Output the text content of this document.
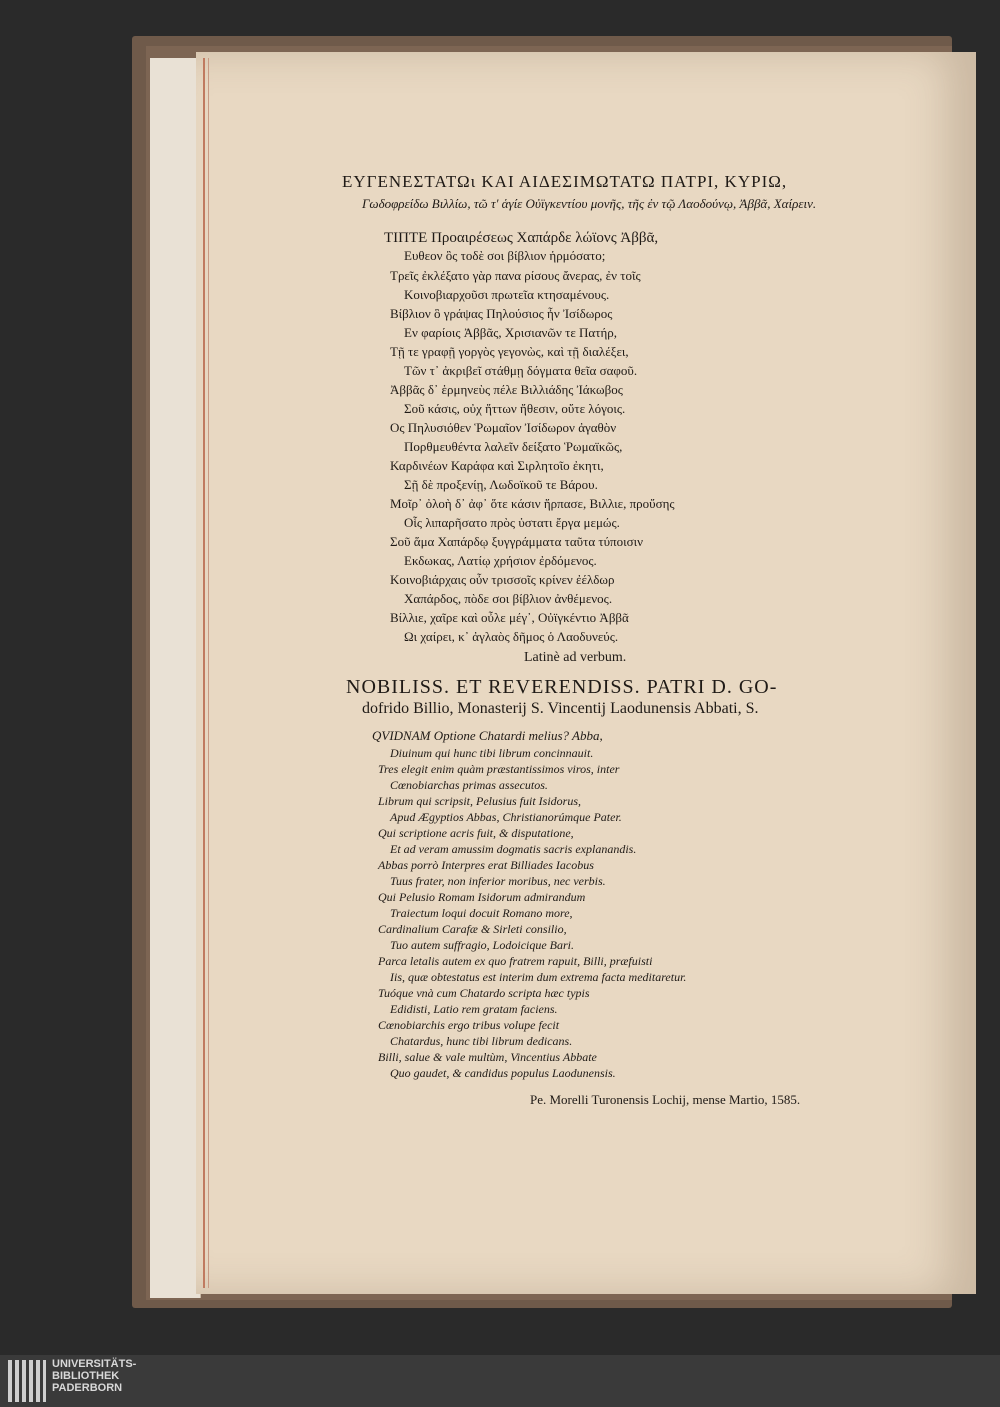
ΕΥΓΕΝΕΣΤΑΤΩι ΚΑΙ ΑΙΔΕΣΙΜΩΤΑΤΩ ΠΑΤΡΙ, ΚΥΡΙΩ,
Γωδοφρείδω Βιλλίω, τῶ τ' ἁγίε Οὐϊγκεντίου μονῆς, τῆς ἐν τῷ Λαοδούνῳ, Ἀββᾶ, Χαίρειν.
ΤΙΠΤΕ Προαιρέσεως Χαπάρδε λώϊονς Ἀββᾶ,
Ευθεον ὃς τοδὲ σοι βίβλιον ἡρμόσατο;
Τρεῖς ἐκλέξατο γὰρ πανα ρίσους ἄνερας, ἐν τοῖς
Κοινοβιαρχοῦσι πρωτεῖα κτησαμένους.
Βίβλιον ὃ γράψας Πηλούσιος ἦν Ἰσίδωρος
Εν φαρίοις Ἀββᾶς, Χρισιανῶν τε Πατήρ,
Τῇ τε γραφῇ γοργὸς γεγονὼς, καὶ τῇ διαλέξει,
Τῶν τ᾽ ἀκριβεῖ στάθμῃ δόγματα θεῖα σαφοῦ.
Ἀββᾶς δ᾽ ἑρμηνεὺς πέλε Βιλλιάδης Ἰάκωβος
Σοῦ κάσις, οὐχ ἥττων ἤθεσιν, οὔτε λόγοις.
Ος Πηλυσιόθεν Ῥωμαῖον Ἰσίδωρον ἀγαθὸν
Πορθμευθέντα λαλεῖν δείξατο Ῥωμαϊκῶς,
Καρδινέων Καράφα καὶ Σιρλητοῖο ἐκητι,
Σῇ δὲ προξενίῃ, Λωδοϊκοῦ τε Βάρου.
Μοῖρ᾽ ὀλοὴ δ᾽ ἀφ᾽ ὅτε κάσιν ἥρπασε, Βιλλιε, προὔσης
Οἷς λιπαρῆσατο πρὸς ὑστατι ἔργα μεμώς.
Σοῦ ἅμα Χαπάρδῳ ξυγγράμματα ταῦτα τύποισιν
Εκδωκας, Λατίῳ χρήσιον ἐρδόμενος.
Κοινοβιάρχαις οὖν τρισσοῖς κρίνεν ἐέλδωρ
Χαπάρδος, πὸδε σοι βίβλιον ἀνθέμενος.
Βίλλιε, χαῖρε καὶ οὖλε μέγ᾽, Οὐϊγκέντιο Ἀββᾶ
Ωι χαίρει, κ᾽ ἀγλαὸς δῆμος ὁ Λαοδυνεύς.
Latinè ad verbum.
NOBILISS. ET REVERENDISS. PATRI D. GO-
dofrido Billio, Monasterij S. Vincentij Laodunensis Abbati, S.
QVIDNAM Optione Chatardi melius? Abba,
Diuinum qui hunc tibi librum concinnauit.
Tres elegit enim quàm præstantissimos viros, inter
Cœnobiarchas primas assecutos.
Librum qui scripsit, Pelusius fuit Isidorus,
Apud Ægyptios Abbas, Christianorúmque Pater.
Qui scriptione acris fuit, & disputatione,
Et ad veram amussim dogmatis sacris explanandis.
Abbas porrò Interpres erat Billiades Iacobus
Tuus frater, non inferior moribus, nec verbis.
Qui Pelusio Romam Isidorum admirandum
Traiectum loqui docuit Romano more,
Cardinalium Carafæ & Sirleti consilio,
Tuo autem suffragio, Lodoicique Bari.
Parca letalis autem ex quo fratrem rapuit, Billi, præfuisti
Iis, quæ obtestatus est interim dum extrema facta meditaretur.
Tuóque vnà cum Chatardo scripta hæc typis
Edidisti, Latio rem gratam faciens.
Cœnobiarchis ergo tribus volupe fecit
Chatardus, hunc tibi librum dedicans.
Billi, salue & vale multùm, Vincentius Abbate
Quo gaudet, & candidus populus Laodunensis.
Pe. Morelli Turonensis Lochij, mense Martio, 1585.
UNIVERSITÄTS-
BIBLIOTHEK
PADERBORN
